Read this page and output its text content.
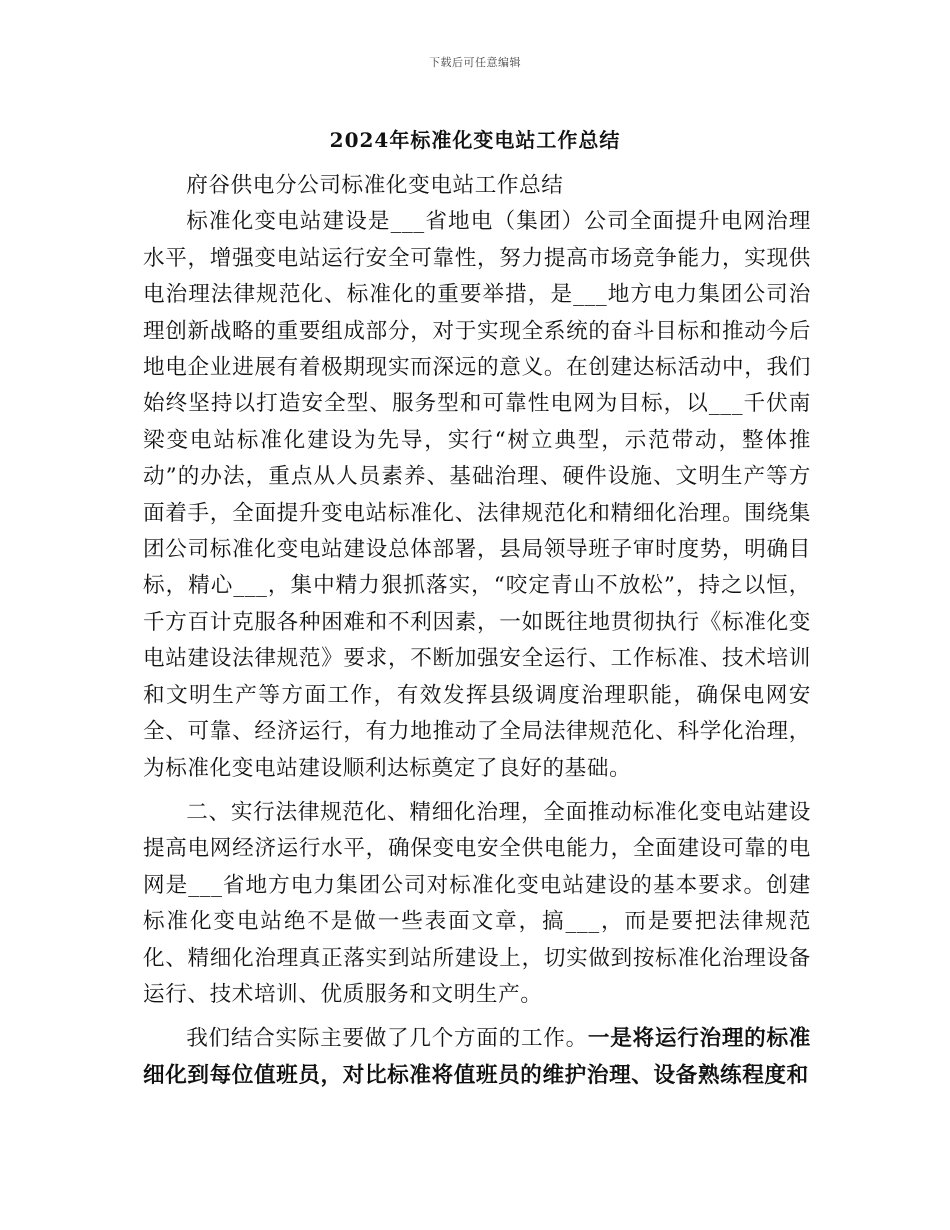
下载后可任意编辑
2024年标准化变电站工作总结

府谷供电分公司标准化变电站工作总结

标准化变电站建设是___省地电（集团）公司全面提升电网治理水平，增强变电站运行安全可靠性，努力提高市场竞争能力，实现供电治理法律规范化、标准化的重要举措，是___地方电力集团公司治理创新战略的重要组成部分，对于实现全系统的奋斗目标和推动今后地电企业进展有着极期现实而深远的意义。在创建达标活动中，我们始终坚持以打造安全型、服务型和可靠性电网为目标，以___千伏南梁变电站标准化建设为先导，实行“树立典型，示范带动，整体推动”的办法，重点从人员素养、基础治理、硬件设施、文明生产等方面着手，全面提升变电站标准化、法律规范化和精细化治理。围绕集团公司标准化变电站建设总体部署，县局领导班子审时度势，明确目标，精心___，集中精力狠抓落实，“咬定青山不放松”，持之以恒，千方百计克服各种困难和不利因素，一如既往地贯彻执行《标准化变电站建设法律规范》要求，不断加强安全运行、工作标准、技术培训和文明生产等方面工作，有效发挥县级调度治理职能，确保电网安全、可靠、经济运行，有力地推动了全局法律规范化、科学化治理，为标准化变电站建设顺利达标奠定了良好的基础。

二、实行法律规范化、精细化治理，全面推动标准化变电站建设提高电网经济运行水平，确保变电安全供电能力，全面建设可靠的电网是___省地方电力集团公司对标准化变电站建设的基本要求。创建标准化变电站绝不是做一些表面文章，搞___，而是要把法律规范化、精细化治理真正落实到站所建设上，切实做到按标准化治理设备运行、技术培训、优质服务和文明生产。

我们结合实际主要做了几个方面的工作。一是将运行治理的标准细化到每位值班员，对比标准将值班员的维护治理、设备熟练程度和
